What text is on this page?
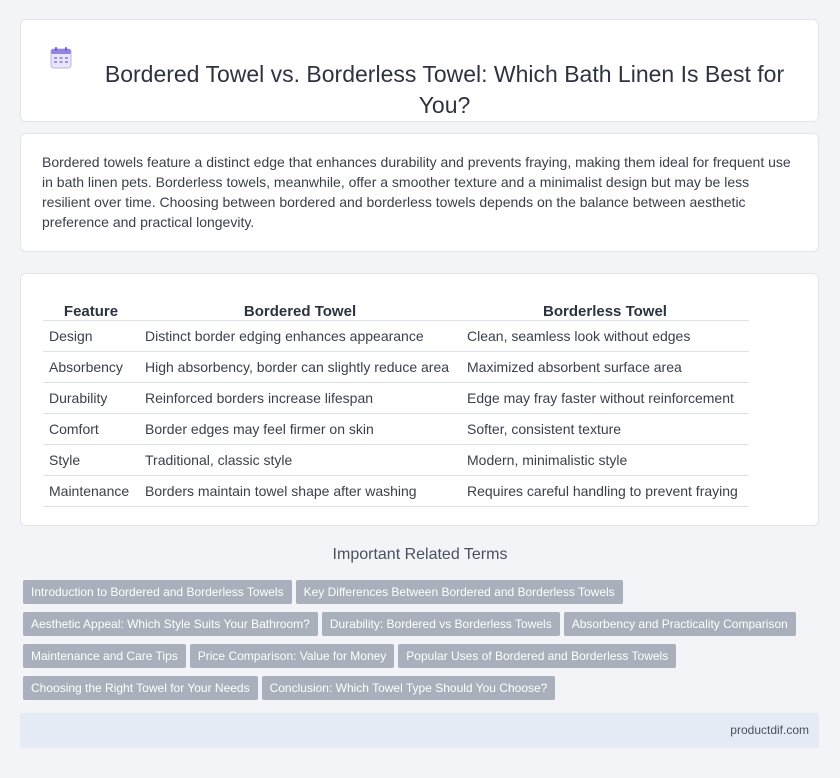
Bordered Towel vs. Borderless Towel: Which Bath Linen Is Best for You?

Bordered towels feature a distinct edge that enhances durability and prevents fraying, making them ideal for frequent use in bath linen pets. Borderless towels, meanwhile, offer a smoother texture and a minimalist design but may be less resilient over time. Choosing between bordered and borderless towels depends on the balance between aesthetic preference and practical longevity.

Feature	Bordered Towel	Borderless Towel
Design	Distinct border edging enhances appearance	Clean, seamless look without edges
Absorbency	High absorbency, border can slightly reduce area	Maximized absorbent surface area
Durability	Reinforced borders increase lifespan	Edge may fray faster without reinforcement
Comfort	Border edges may feel firmer on skin	Softer, consistent texture
Style	Traditional, classic style	Modern, minimalistic style
Maintenance	Borders maintain towel shape after washing	Requires careful handling to prevent fraying
Important Related Terms
Introduction to Bordered and Borderless Towels Key Differences Between Bordered and Borderless Towels
Aesthetic Appeal: Which Style Suits Your Bathroom? Durability: Bordered vs Borderless Towels Absorbency and Practicality Comparison
Maintenance and Care Tips Price Comparison: Value for Money Popular Uses of Bordered and Borderless Towels
Choosing the Right Towel for Your Needs Conclusion: Which Towel Type Should You Choose?
productdif.com
